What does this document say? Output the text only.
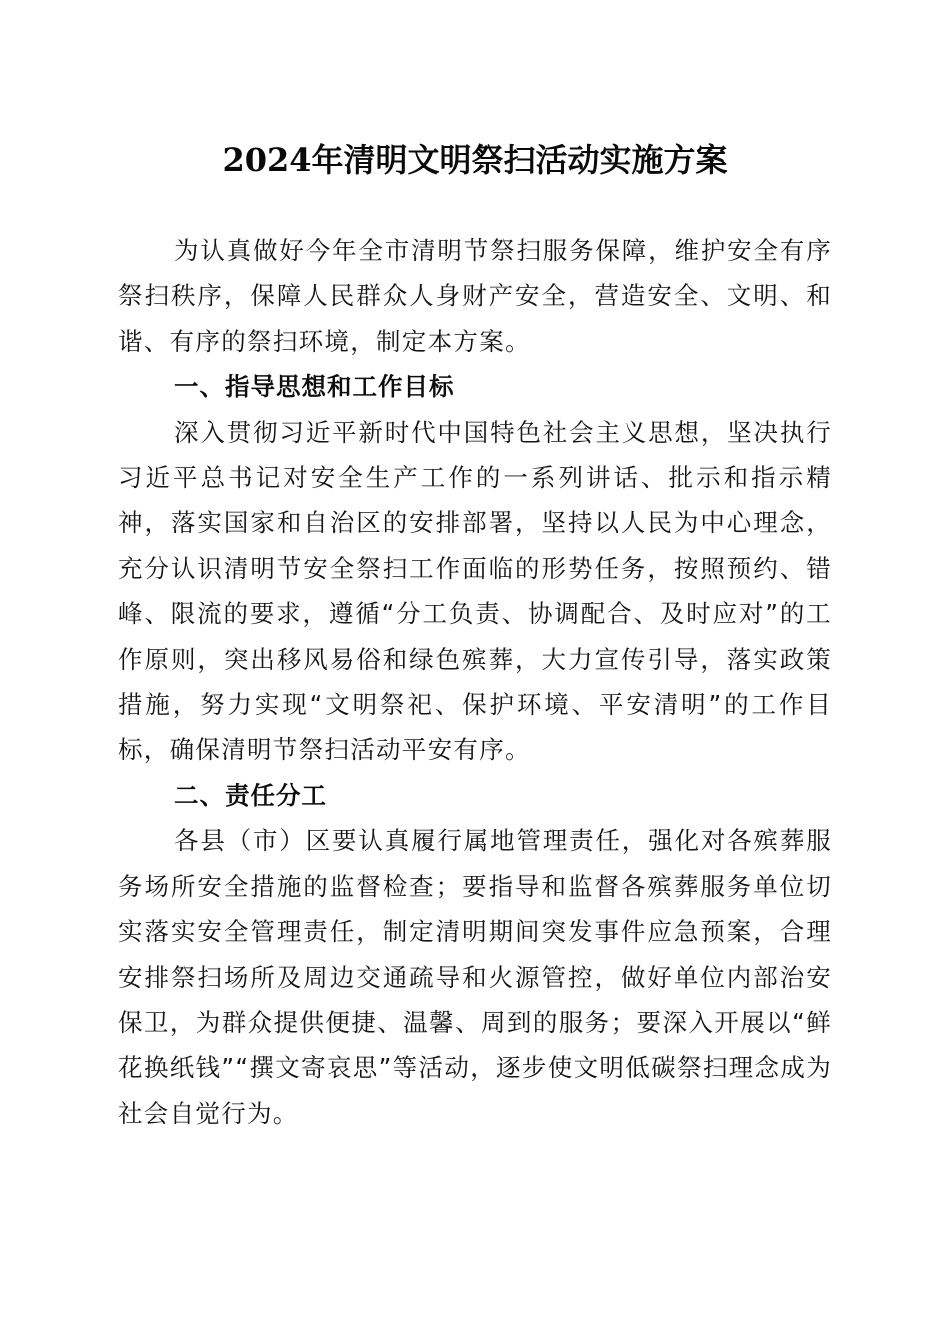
2024年清明文明祭扫活动实施方案

为认真做好今年全市清明节祭扫服务保障，维护安全有序祭扫秩序，保障人民群众人身财产安全，营造安全、文明、和谐、有序的祭扫环境，制定本方案。

一、指导思想和工作目标

深入贯彻习近平新时代中国特色社会主义思想，坚决执行习近平总书记对安全生产工作的一系列讲话、批示和指示精神，落实国家和自治区的安排部署，坚持以人民为中心理念，充分认识清明节安全祭扫工作面临的形势任务，按照预约、错峰、限流的要求，遵循“分工负责、协调配合、及时应对”的工作原则，突出移风易俗和绿色殡葬，大力宣传引导，落实政策措施，努力实现“文明祭祀、保护环境、平安清明”的工作目标，确保清明节祭扫活动平安有序。

二、责任分工

各县（市）区要认真履行属地管理责任，强化对各殡葬服务场所安全措施的监督检查；要指导和监督各殡葬服务单位切实落实安全管理责任，制定清明期间突发事件应急预案，合理安排祭扫场所及周边交通疏导和火源管控，做好单位内部治安保卫，为群众提供便捷、温馨、周到的服务；要深入开展以“鲜花换纸钱”“撰文寄哀思”等活动，逐步使文明低碳祭扫理念成为社会自觉行为。
